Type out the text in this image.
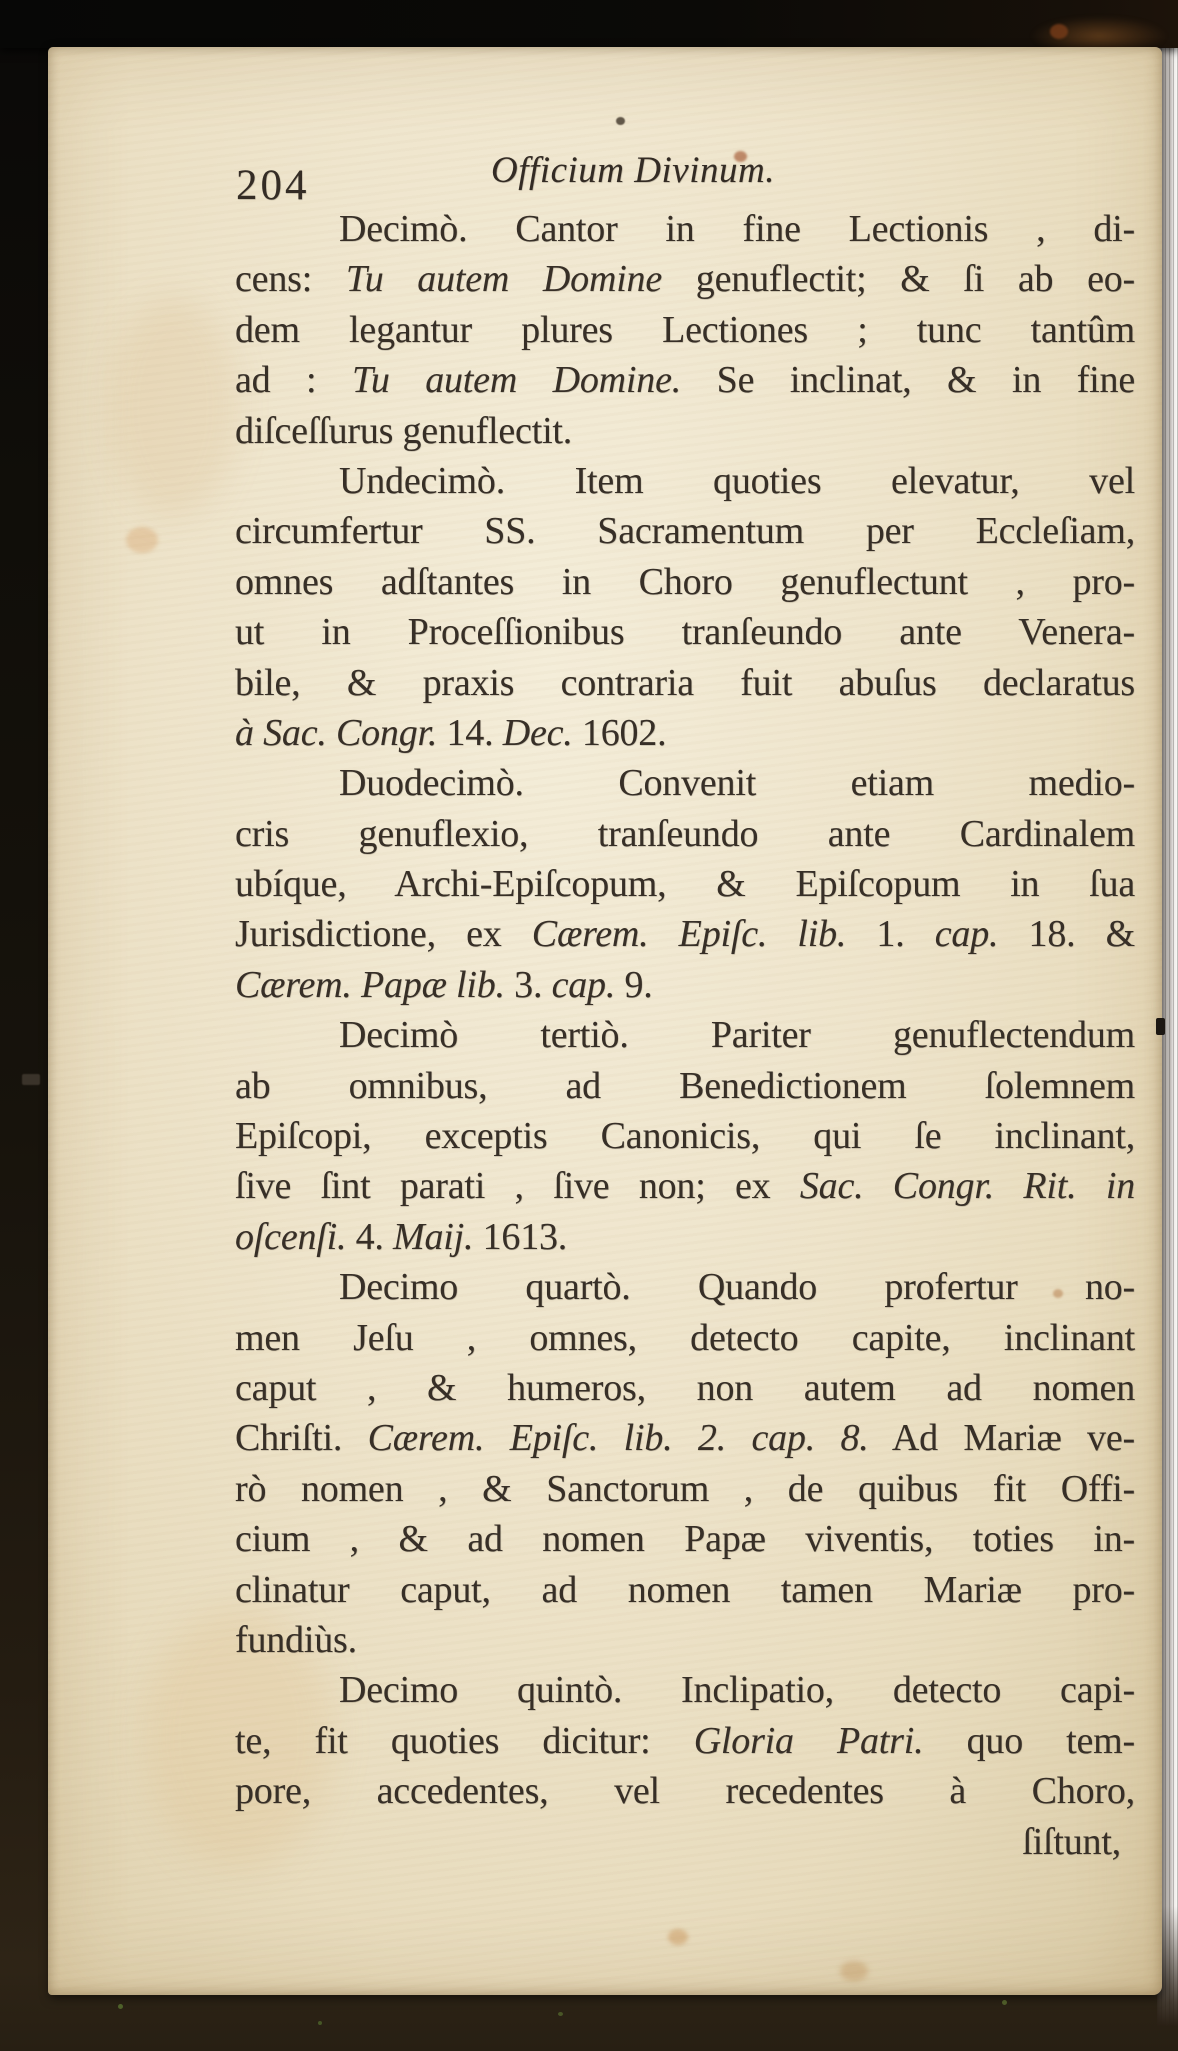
204	Officium Divinum.
Decimò. Cantor in fine Lectionis , di-
cens: Tu autem Domine genuflectit; & ſi ab eo-
dem legantur plures Lectiones ; tunc tantûm
ad : Tu autem Domine. Se inclinat, & in fine
diſceſſurus genuflectit.
Undecimò. Item quoties elevatur, vel
circumfertur SS. Sacramentum per Eccleſiam,
omnes adſtantes in Choro genuflectunt , pro-
ut in Proceſſionibus tranſeundo ante Venera-
bile, & praxis contraria fuit abuſus declaratus
à Sac. Congr. 14. Dec. 1602.
Duodecimò. Convenit etiam medio-
cris genuflexio, tranſeundo ante Cardinalem
ubíque, Archi-Epiſcopum, & Epiſcopum in ſua
Jurisdictione, ex Cærem. Epiſc. lib. 1. cap. 18. &
Cærem. Papæ lib. 3. cap. 9.
Decimò tertiò. Pariter genuflectendum
ab omnibus, ad Benedictionem ſolemnem
Epiſcopi, exceptis Canonicis, qui ſe inclinant,
ſive ſint parati , ſive non; ex Sac. Congr. Rit. in
oſcenſi. 4. Maij. 1613.
Decimo quartò. Quando profertur no-
men Jeſu , omnes, detecto capite, inclinant
caput , & humeros, non autem ad nomen
Chriſti. Cærem. Epiſc. lib. 2. cap. 8. Ad Mariæ ve-
rò nomen , & Sanctorum , de quibus fit Offi-
cium , & ad nomen Papæ viventis, toties in-
clinatur caput, ad nomen tamen Mariæ pro-
fundiùs.
Decimo quintò. Inclipatio, detecto capi-
te, fit quoties dicitur: Gloria Patri. quo tem-
pore, accedentes, vel recedentes à Choro,
ſiſtunt,
